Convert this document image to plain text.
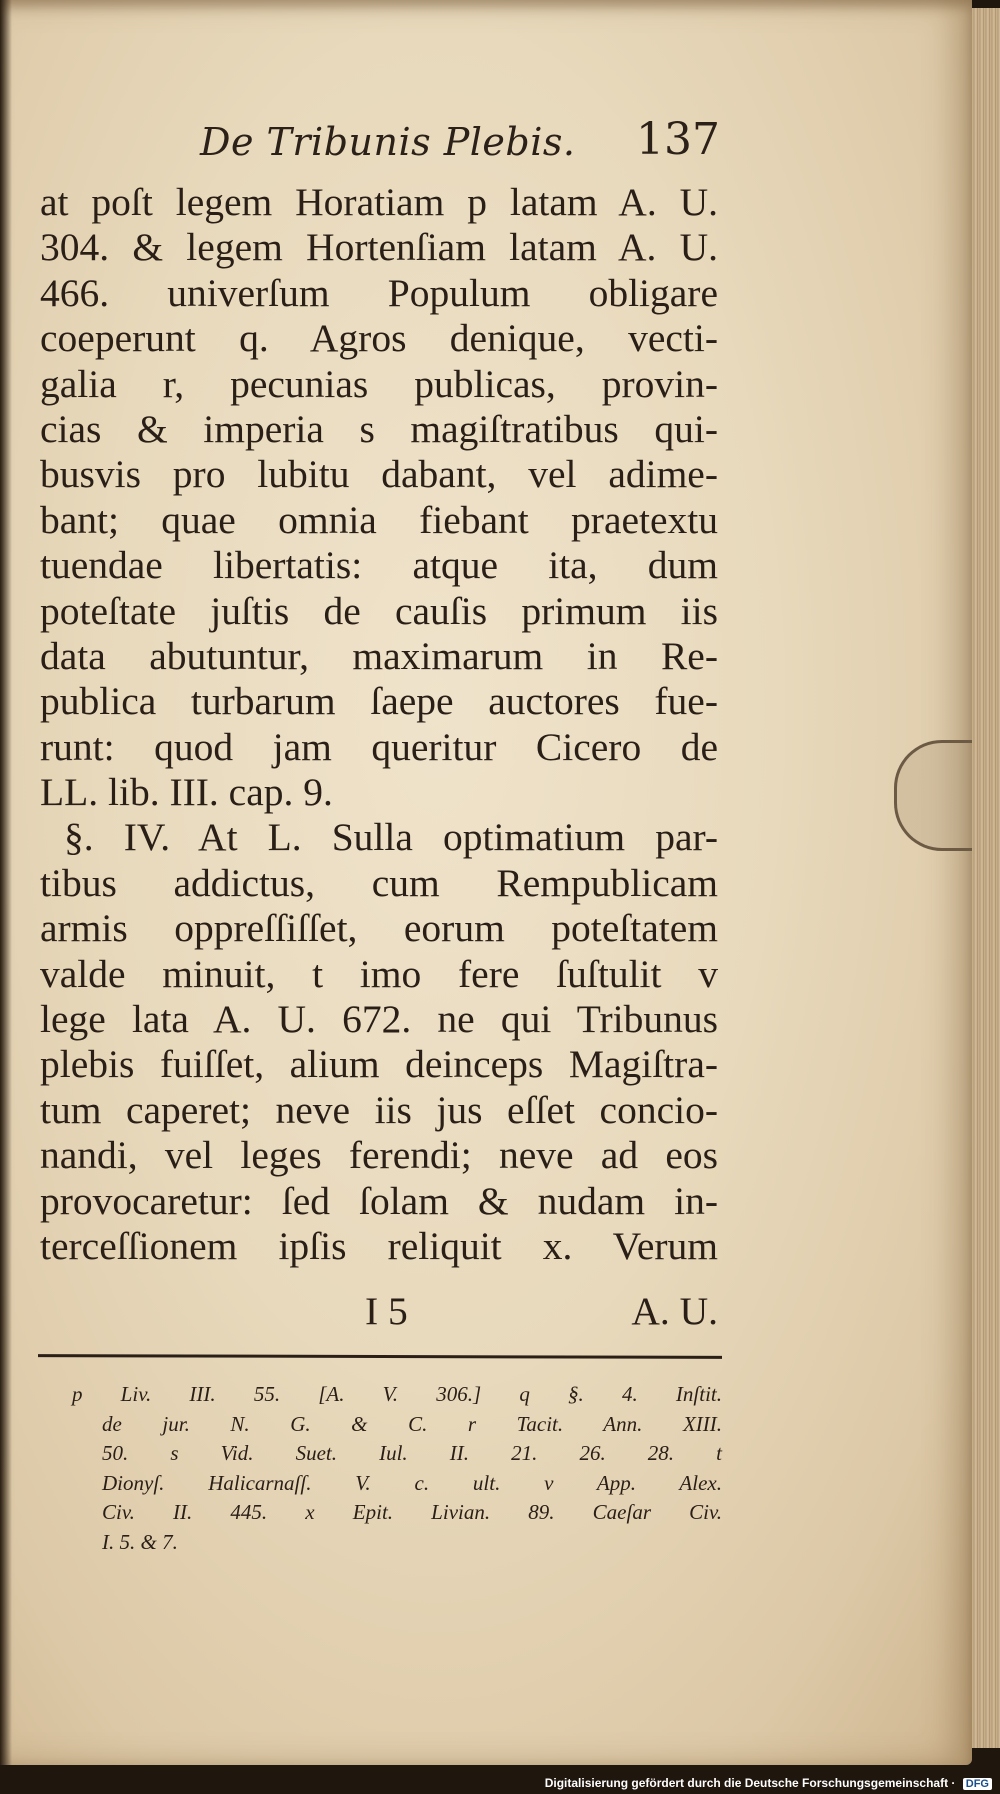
De Tribunis Plebis. 137
at poſt legem Horatiam p latam A. U.
304. & legem Hortenſiam latam A. U.
466. univerſum Populum obligare
coeperunt q. Agros denique, vecti-
galia r, pecunias publicas, provin-
cias & imperia s magiſtratibus qui-
busvis pro lubitu dabant, vel adime-
bant; quae omnia fiebant praetextu
tuendae libertatis: atque ita, dum
poteſtate juſtis de cauſis primum iis
data abutuntur, maximarum in Re-
publica turbarum ſaepe auctores fue-
runt: quod jam queritur Cicero de
LL. lib. III. cap. 9.
§. IV. At L. Sulla optimatium par-
tibus addictus, cum Rempublicam
armis oppreſſiſſet, eorum poteſtatem
valde minuit, t imo fere ſuſtulit v
lege lata A. U. 672. ne qui Tribunus
plebis fuiſſet, alium deinceps Magiſtra-
tum caperet; neve iis jus eſſet concio-
nandi, vel leges ferendi; neve ad eos
provocaretur: ſed ſolam & nudam in-
terceſſionem ipſis reliquit x. Verum
I 5	A. U.
p Liv. III. 55. [A. V. 306.] q §. 4. Inſtit.
de jur. N. G. & C. r Tacit. Ann. XIII.
50. s Vid. Suet. Iul. II. 21. 26. 28. t
Dionyſ. Halicarnaſſ. V. c. ult. v App. Alex.
Civ. II. 445. x Epit. Livian. 89. Caeſar Civ.
I. 5. & 7.
Digitalisierung gefördert durch die Deutsche Forschungsgemeinschaft · DFG
